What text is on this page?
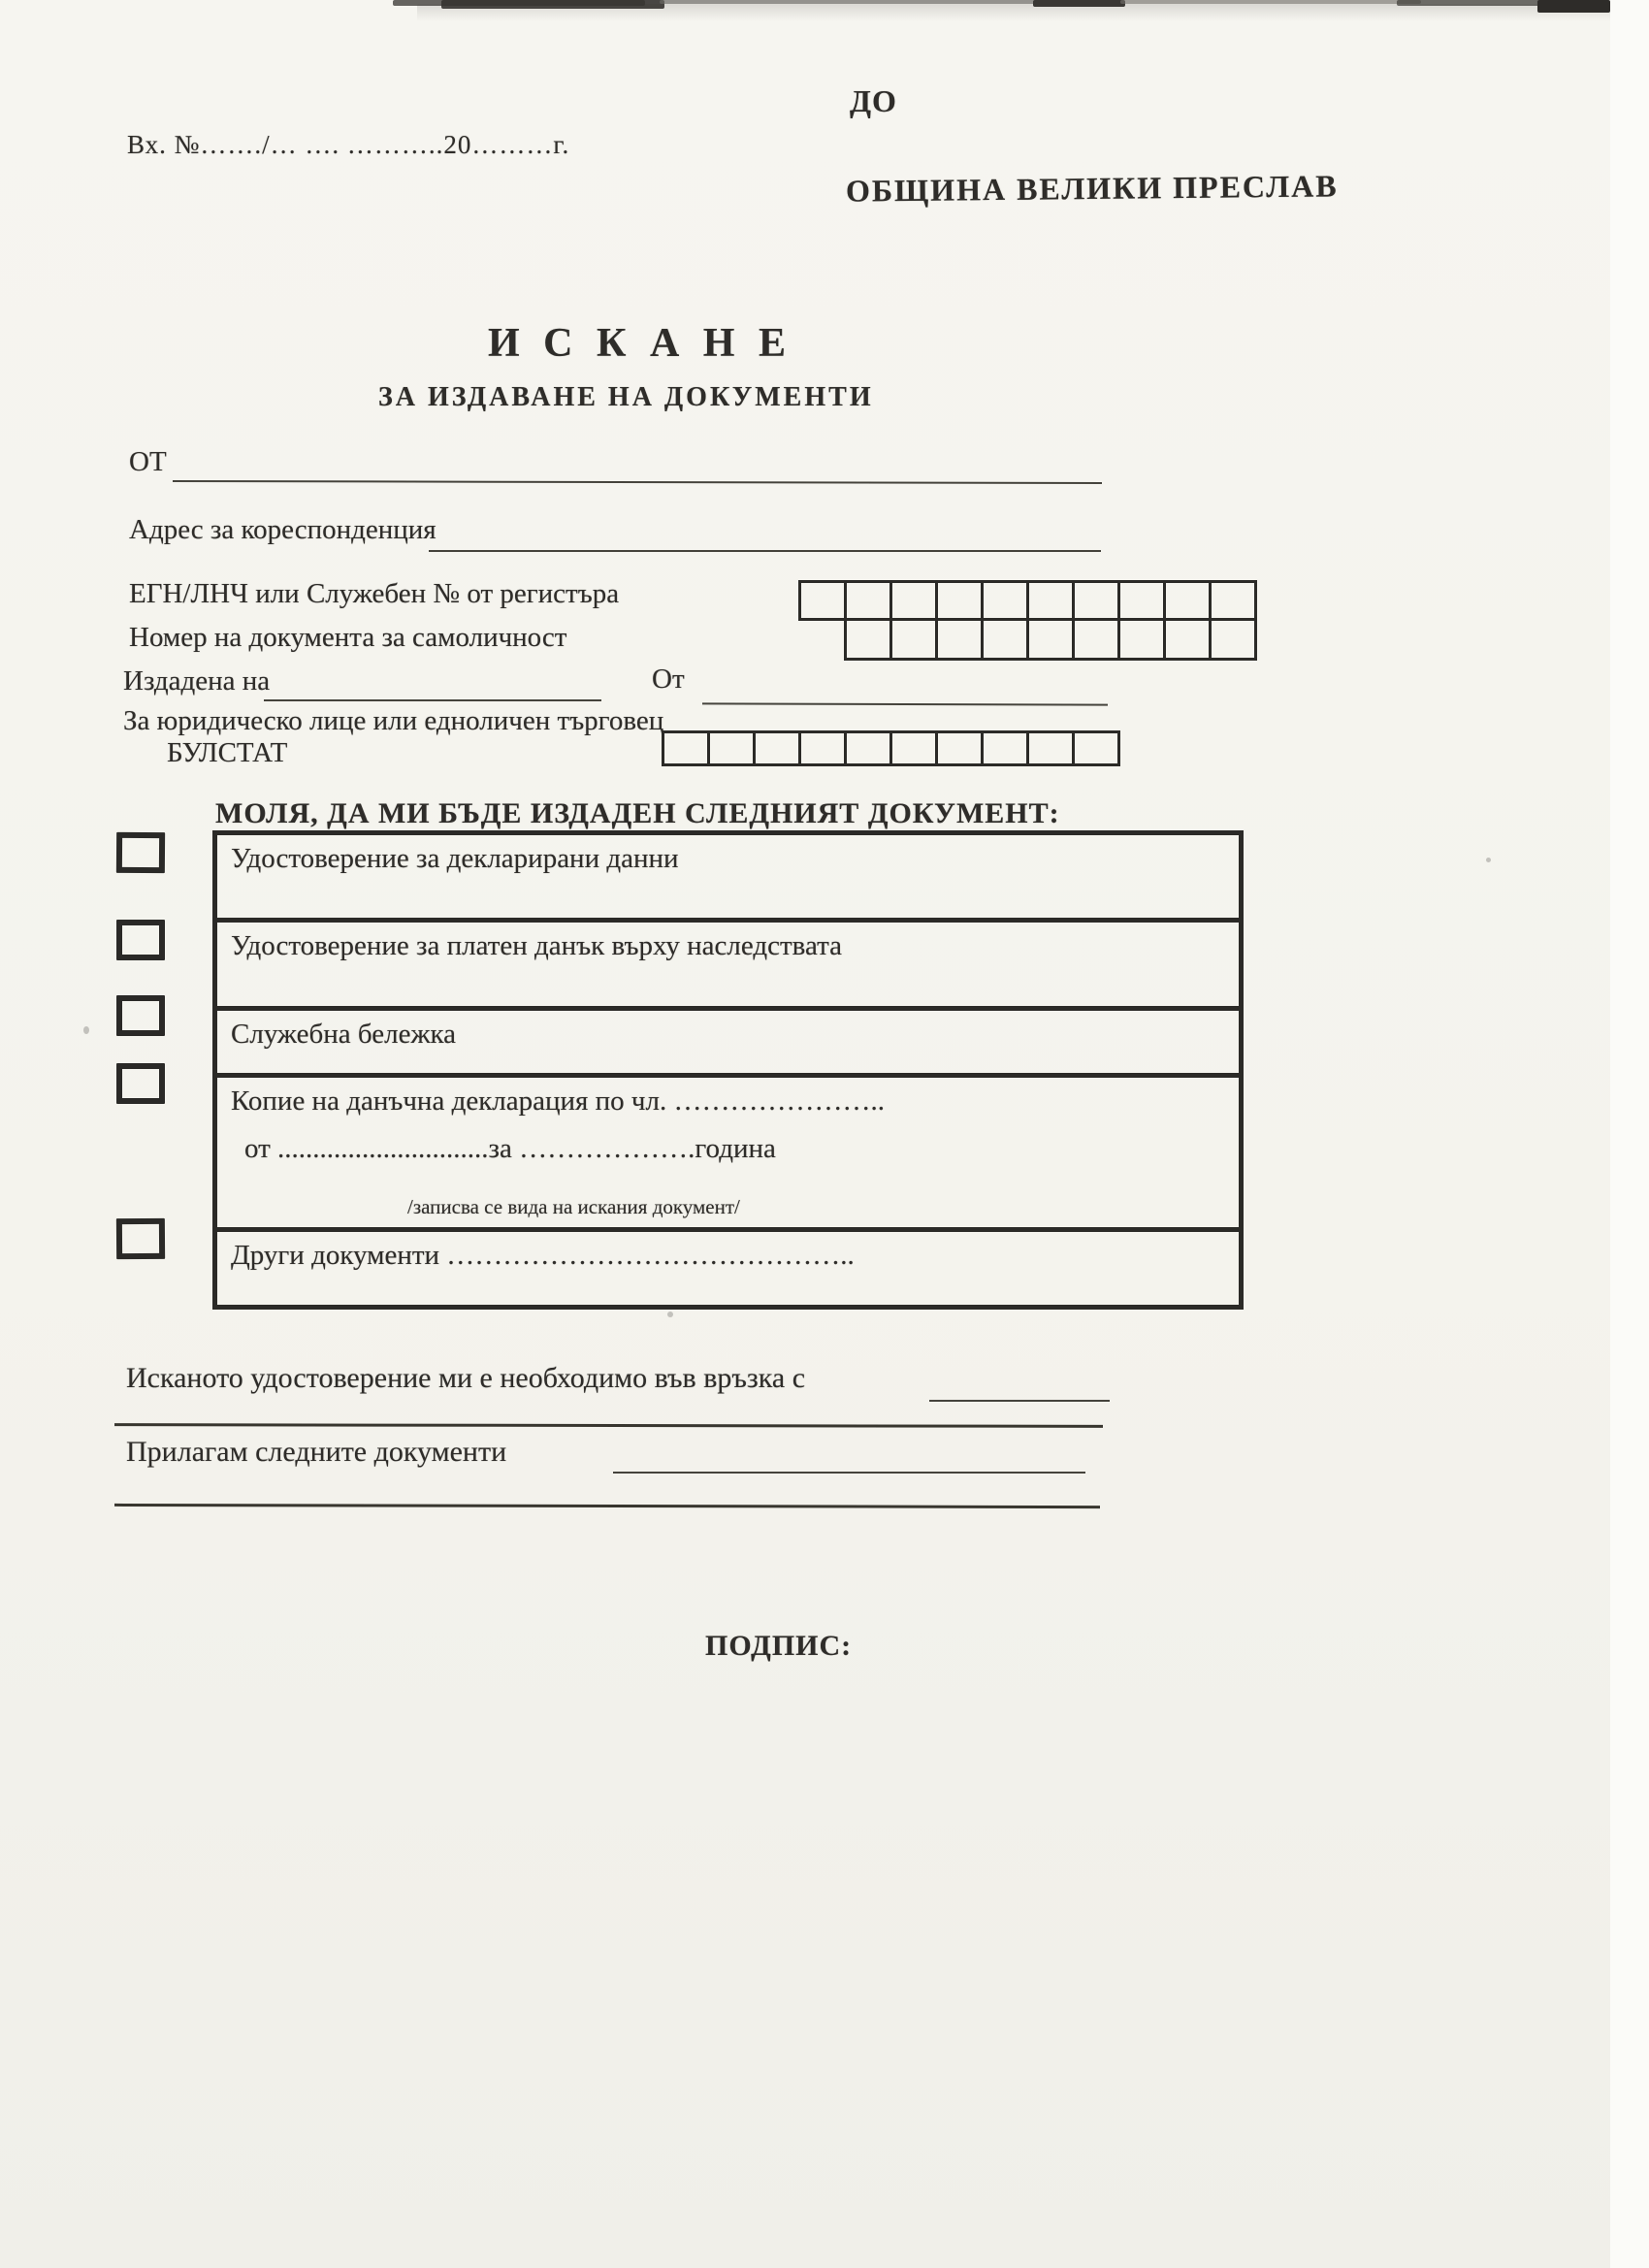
Вх. №……./… …. ………..20………г.
ДО
ОБЩИНА ВЕЛИКИ ПРЕСЛАВ
И С К А Н Е
ЗА ИЗДАВАНЕ НА ДОКУМЕНТИ
ОТ
Адрес за кореспонденция
ЕГН/ЛНЧ или Служебен № от регистъра
Номер на документа за самоличност
Издадена на	От
За юридическо лице или едноличен търговец
БУЛСТАТ
МОЛЯ, ДА МИ БЪДЕ ИЗДАДЕН СЛЕДНИЯТ ДОКУМЕНТ:
Удостоверение за декларирани данни
Удостоверение за платен данък върху наследствата
Служебна бележка
Копие на данъчна декларация по чл. …………………..
от ..............................за ……………….година
/записва се вида на искания документ/
Други документи ……………………………………..
Исканото удостоверение ми е необходимо във връзка с
Прилагам следните документи
ПОДПИС:
